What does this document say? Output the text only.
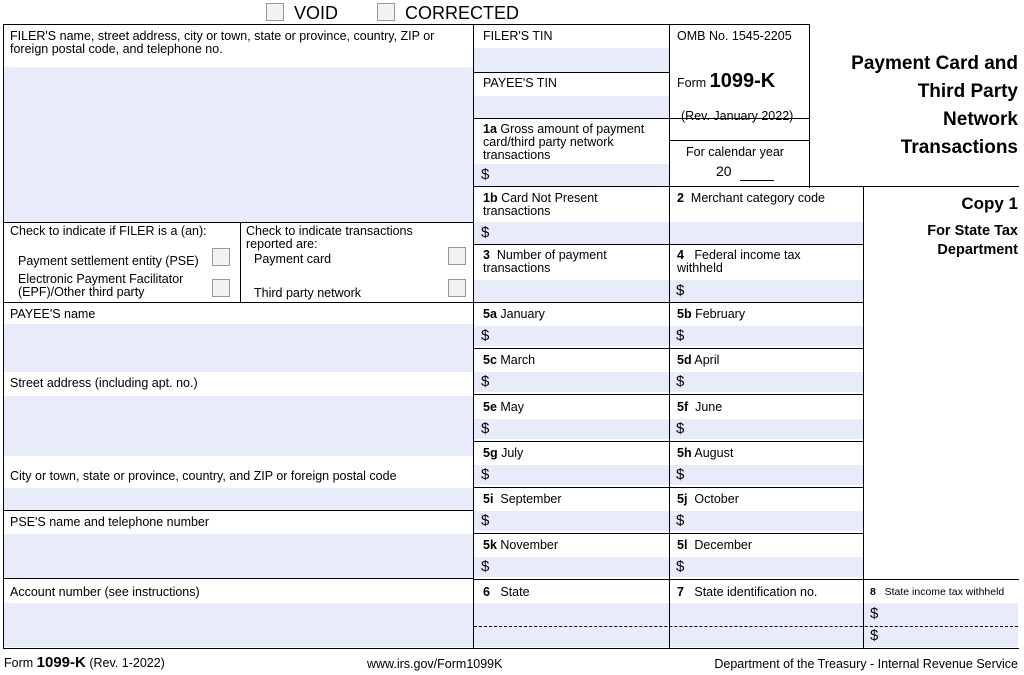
VOID	CORRECTED
FILER'S name, street address, city or town, state or province, country, ZIP or foreign postal code, and telephone no.
Check to indicate if FILER is a (an):
Payment settlement entity (PSE)
Electronic Payment Facilitator (EPF)/Other third party
Check to indicate transactions reported are:
Payment card
Third party network
PAYEE'S name
Street address (including apt. no.)
City or town, state or province, country, and ZIP or foreign postal code
PSE'S name and telephone number
Account number (see instructions)
FILER'S TIN
PAYEE'S TIN
1a Gross amount of payment card/third party network transactions
$
OMB No. 1545-2205
Form 1099-K
(Rev. January 2022)
For calendar year
20
Payment Card and
Third Party
Network
Transactions
Copy 1
For State Tax
Department
1b Card Not Present transactions
$
2 Merchant category code
3 Number of payment transactions
4 Federal income tax withheld
$
5a January
$
5b February
$
5c March
$
5d April
$
5e May
$
5f June
$
5g July
$
5h August
$
5i September
$
5j October
$
5k November
$
5l December
$
6 State	7 State identification no.	8 State income tax withheld
$
$
Form 1099-K (Rev. 1-2022)	www.irs.gov/Form1099K	Department of the Treasury - Internal Revenue Service
